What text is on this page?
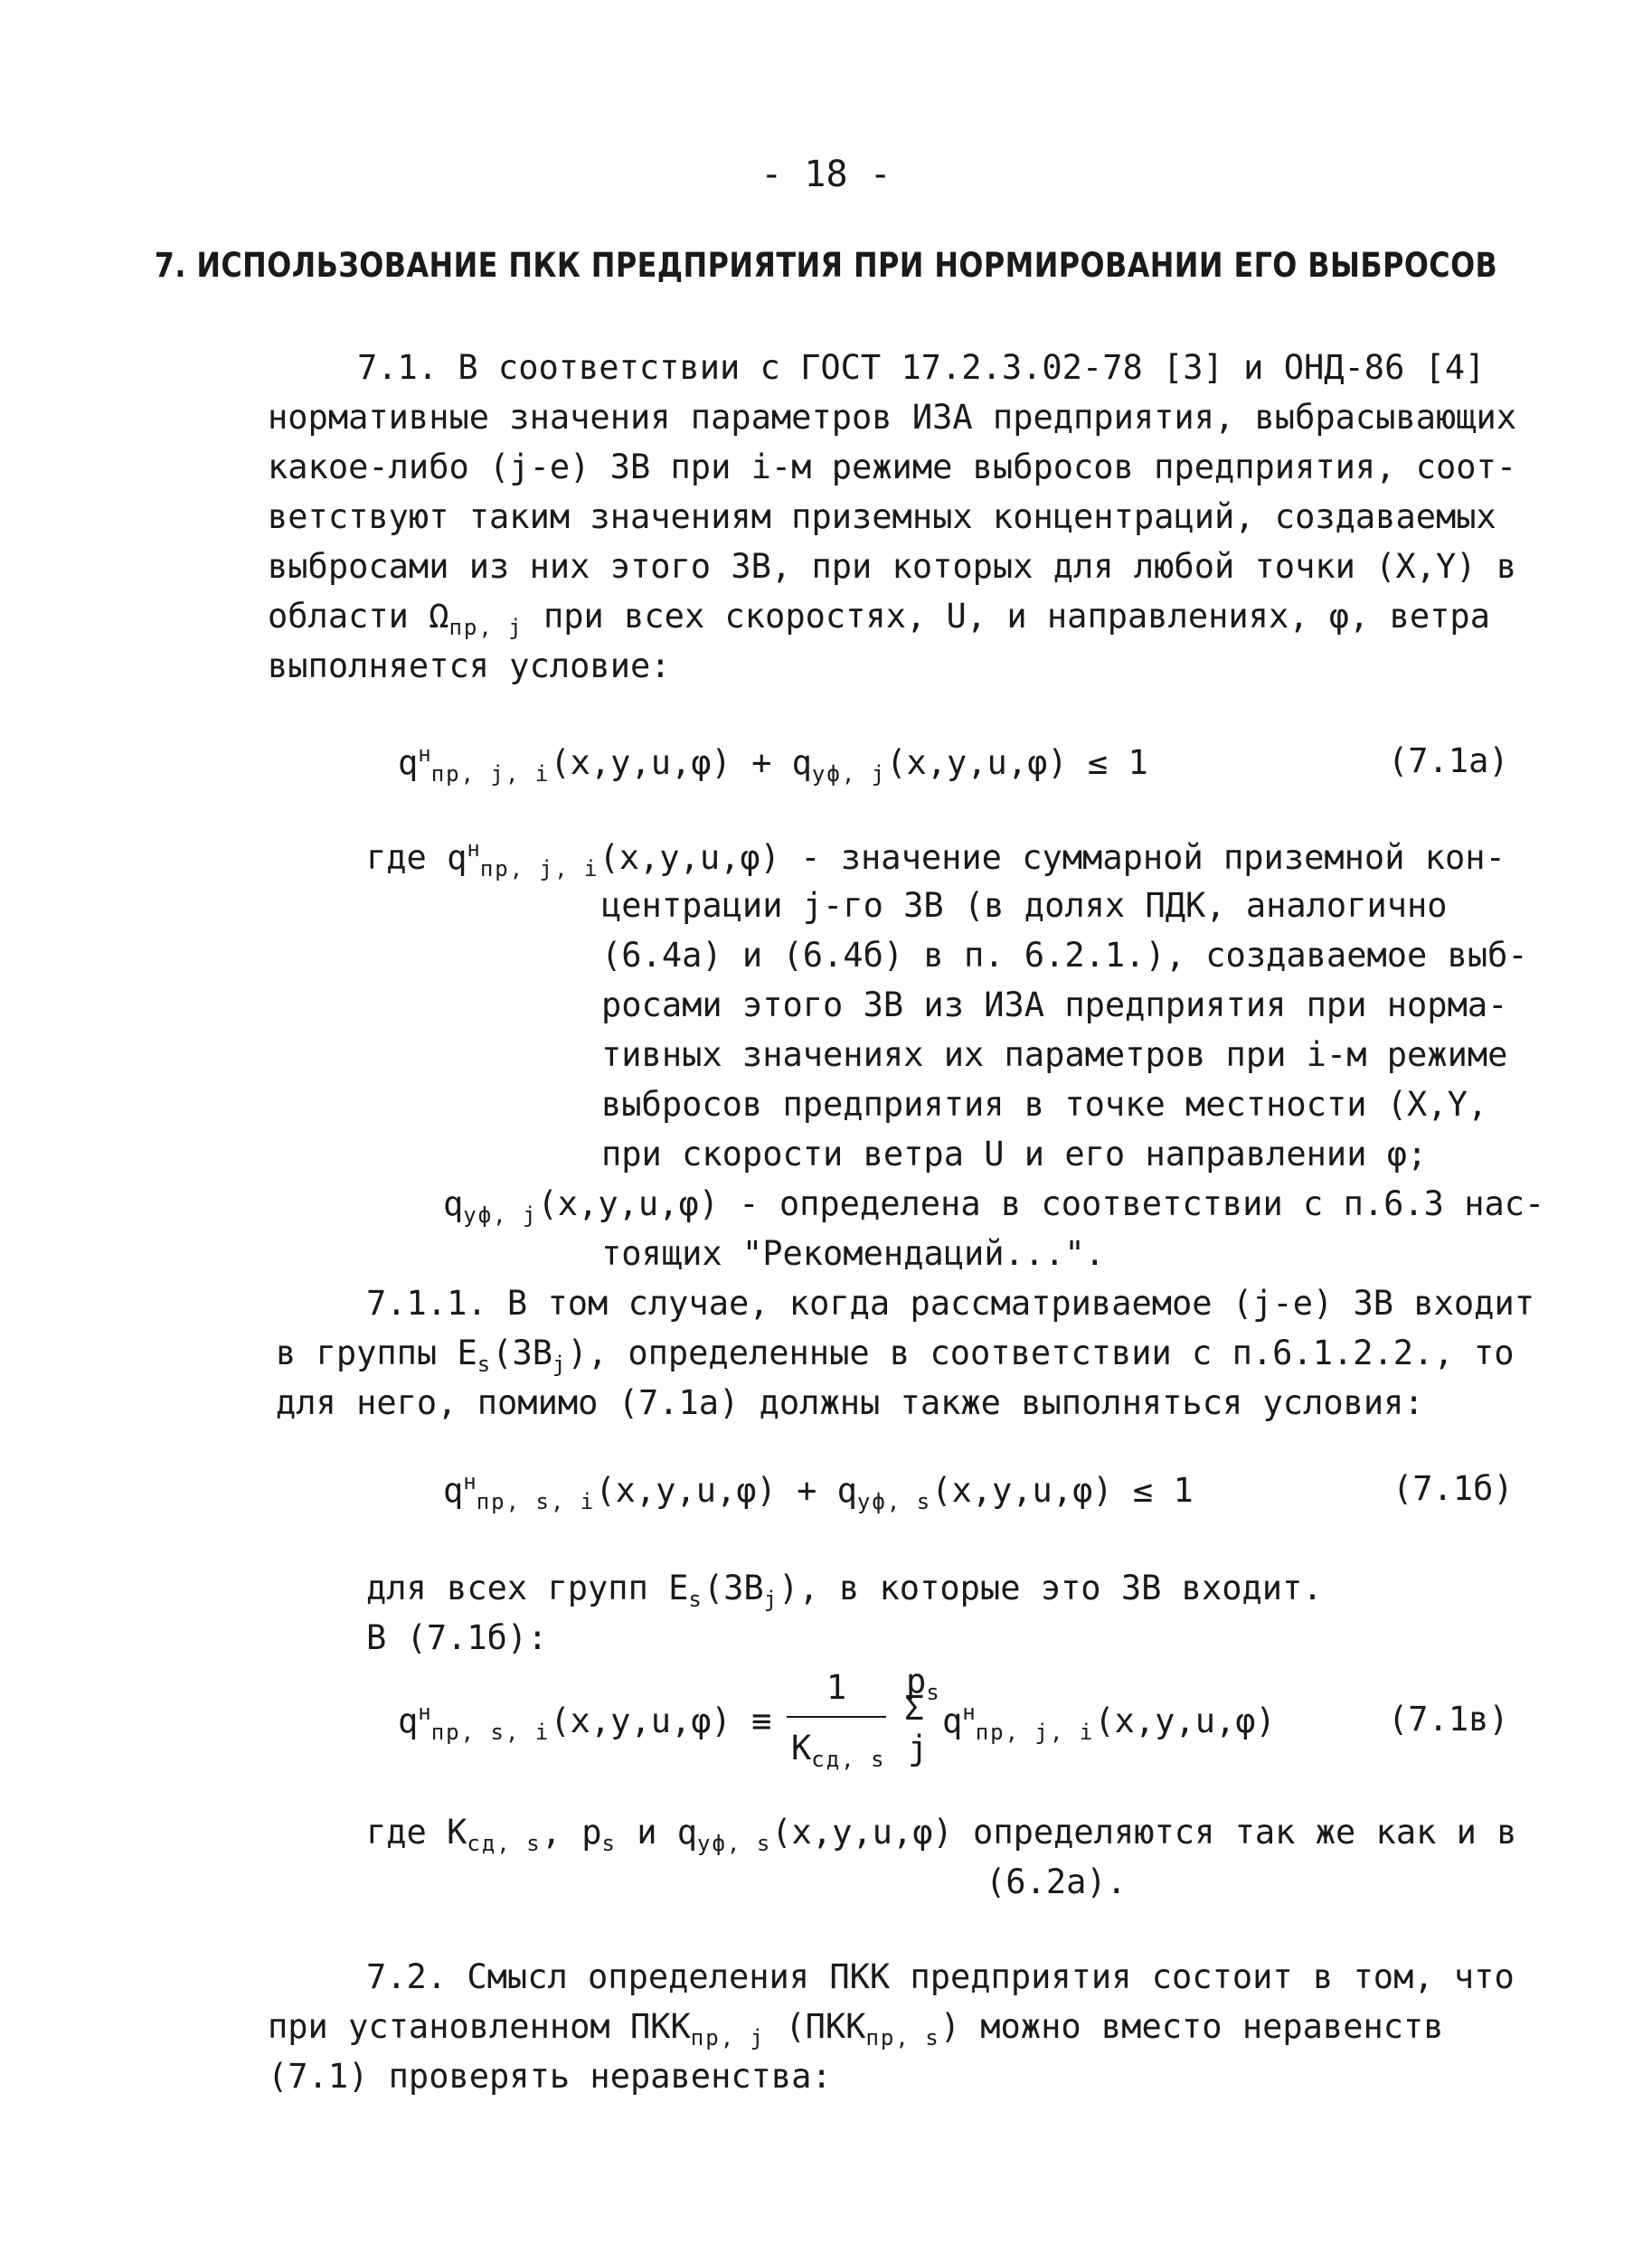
- 18 -
7. ИСПОЛЬЗОВАНИЕ ПКК ПРЕДПРИЯТИЯ ПРИ НОРМИРОВАНИИ ЕГО ВЫБРОСОВ
7.1. В соответствии с ГОСТ 17.2.3.02-78 [3] и ОНД-86 [4]
нормативные значения параметров ИЗА предприятия, выбрасывающих
какое-либо (j-е) ЗВ при i-м режиме выбросов предприятия, соот-
ветствуют таким значениям приземных концентраций, создаваемых
выбросами из них этого ЗВ, при которых для любой точки (X,Y) в
области $\Omega_{пр, j}$ при всех скоростях, U, и направлениях, φ, ветра
выполняется условие:
$q^н_{пр, j, i}(x,y,u,\varphi) + q_{уф, j}(x,y,u,\varphi) \le 1$	(7.1а)
где $q^н_{пр, j, i}(x,y,u,\varphi)$ - значение суммарной приземной кон-
центрации j-го ЗВ (в долях ПДК, аналогично
(6.4а) и (6.4б) в п. 6.2.1.), создаваемое выб-
росами этого ЗВ из ИЗА предприятия при норма-
тивных значениях их параметров при i-м режиме
выбросов предприятия в точке местности (X,Y,
при скорости ветра U и его направлении φ;
$q_{уф, j}(x,y,u,\varphi)$ - определена в соответствии с п.6.3 нас-
тоящих "Рекомендаций...".
7.1.1. В том случае, когда рассматриваемое (j-е) ЗВ входит
в группы $E_s(ЗВ_j)$, определенные в соответствии с п.6.1.2.2., то
для него, помимо (7.1а) должны также выполняться условия:
$q^н_{пр, s, i}(x,y,u,\varphi) + q_{уф, s}(x,y,u,\varphi) \le 1$	(7.1б)
для всех групп $E_s(ЗВ_j)$, в которые это ЗВ входит.
В (7.1б):
$q^н_{пр, s, i}(x,y,u,\varphi)$ ≡
1
$K_{сд, s}$
$p_s$
Σ
j
$q^н_{пр, j, i}(x,y,u,\varphi)$	(7.1в)
где $K_{сд, s}$, $p_s$ и $q_{уф, s}(x,y,u,\varphi)$ определяются так же как и в
(6.2а).
7.2. Смысл определения ПКК предприятия состоит в том, что
при установленном $ПКК_{пр, j}$ $(ПКК_{пр, s})$ можно вместо неравенств
(7.1) проверять неравенства:
